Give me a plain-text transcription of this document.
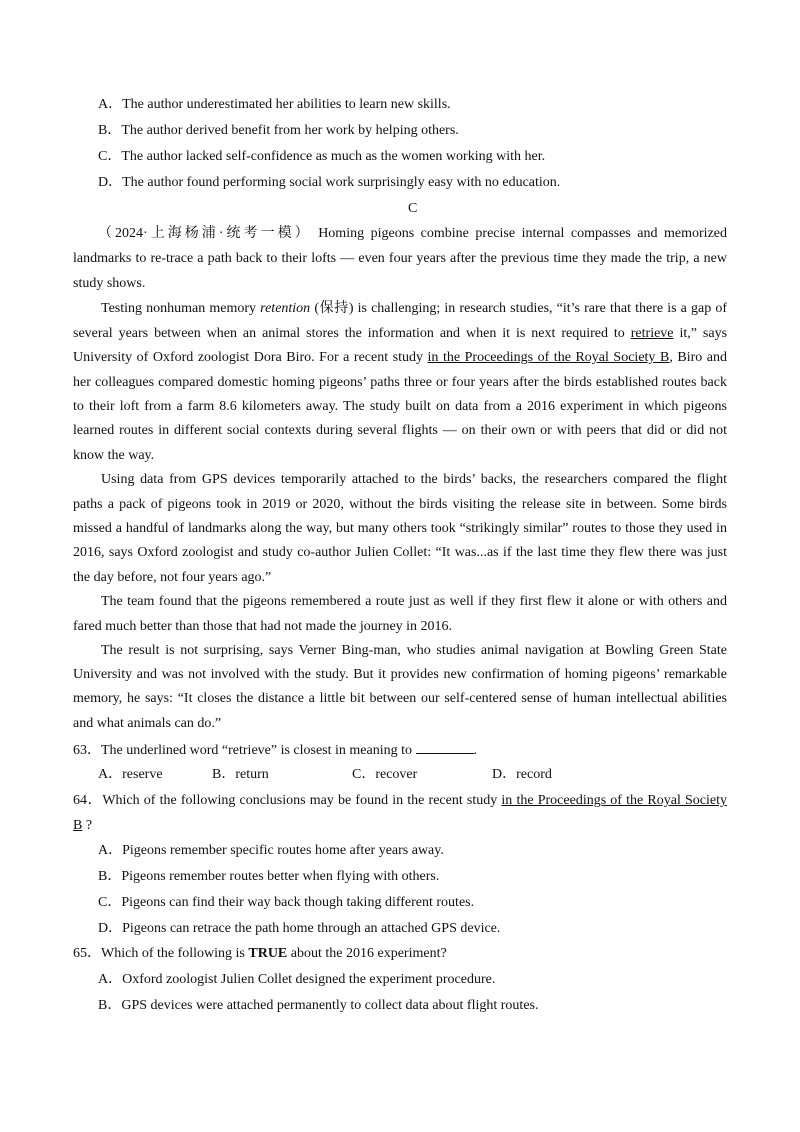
A．The author underestimated her abilities to learn new skills.
B．The author derived benefit from her work by helping others.
C．The author lacked self-confidence as much as the women working with her.
D．The author found performing social work surprisingly easy with no education.
C
（2024·上海杨浦·统考一模） Homing pigeons combine precise internal compasses and memorized
landmarks to re-trace a path back to their lofts — even four years after the previous time they made the trip, a new
study shows.
Testing nonhuman memory retention (保持) is challenging; in research studies, “it’s rare that there is a gap of
several years between when an animal stores the information and when it is next required to retrieve it,” says
University of Oxford zoologist Dora Biro. For a recent study in the Proceedings of the Royal Society B, Biro and
her colleagues compared domestic homing pigeons’ paths three or four years after the birds established routes back
to their loft from a farm 8.6 kilometers away. The study built on data from a 2016 experiment in which pigeons
learned routes in different social contexts during several flights — on their own or with peers that did or did not
know the way.
Using data from GPS devices temporarily attached to the birds’ backs, the researchers compared the flight
paths a pack of pigeons took in 2019 or 2020, without the birds visiting the release site in between. Some birds
missed a handful of landmarks along the way, but many others took “strikingly similar” routes to those they used in
2016, says Oxford zoologist and study co-author Julien Collet: “It was...as if the last time they flew there was just
the day before, not four years ago.”
The team found that the pigeons remembered a route just as well if they first flew it alone or with others and
fared much better than those that had not made the journey in 2016.
The result is not surprising, says Verner Bing-man, who studies animal navigation at Bowling Green State
University and was not involved with the study. But it provides new confirmation of homing pigeons’ remarkable
memory, he says: “It closes the distance a little bit between our self-centered sense of human intellectual abilities
and what animals can do.”
63．The underlined word “retrieve” is closest in meaning to	.
A．reserve	B．return	C．recover	D．record
64．Which of the following conclusions may be found in the recent study in the Proceedings of the Royal Society
B ?
A．Pigeons remember specific routes home after years away.
B．Pigeons remember routes better when flying with others.
C．Pigeons can find their way back though taking different routes.
D．Pigeons can retrace the path home through an attached GPS device.
65．Which of the following is TRUE about the 2016 experiment?
A．Oxford zoologist Julien Collet designed the experiment procedure.
B．GPS devices were attached permanently to collect data about flight routes.
